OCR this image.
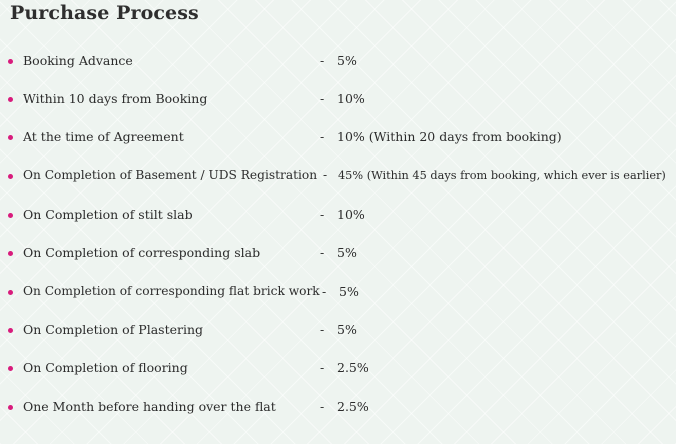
Purchase Process
Booking Advance	- 5%
Within 10 days from Booking	- 10%
At the time of Agreement	- 10% (Within 20 days from booking)
On Completion of Basement / UDS Registration - 45% (Within 45 days from booking, which ever is earlier)
On Completion of stilt slab	- 10%
On Completion of corresponding slab	- 5%
On Completion of corresponding flat brick work - 5%
On Completion of Plastering	- 5%
On Completion of flooring	- 2.5%
One Month before handing over the flat	- 2.5%
